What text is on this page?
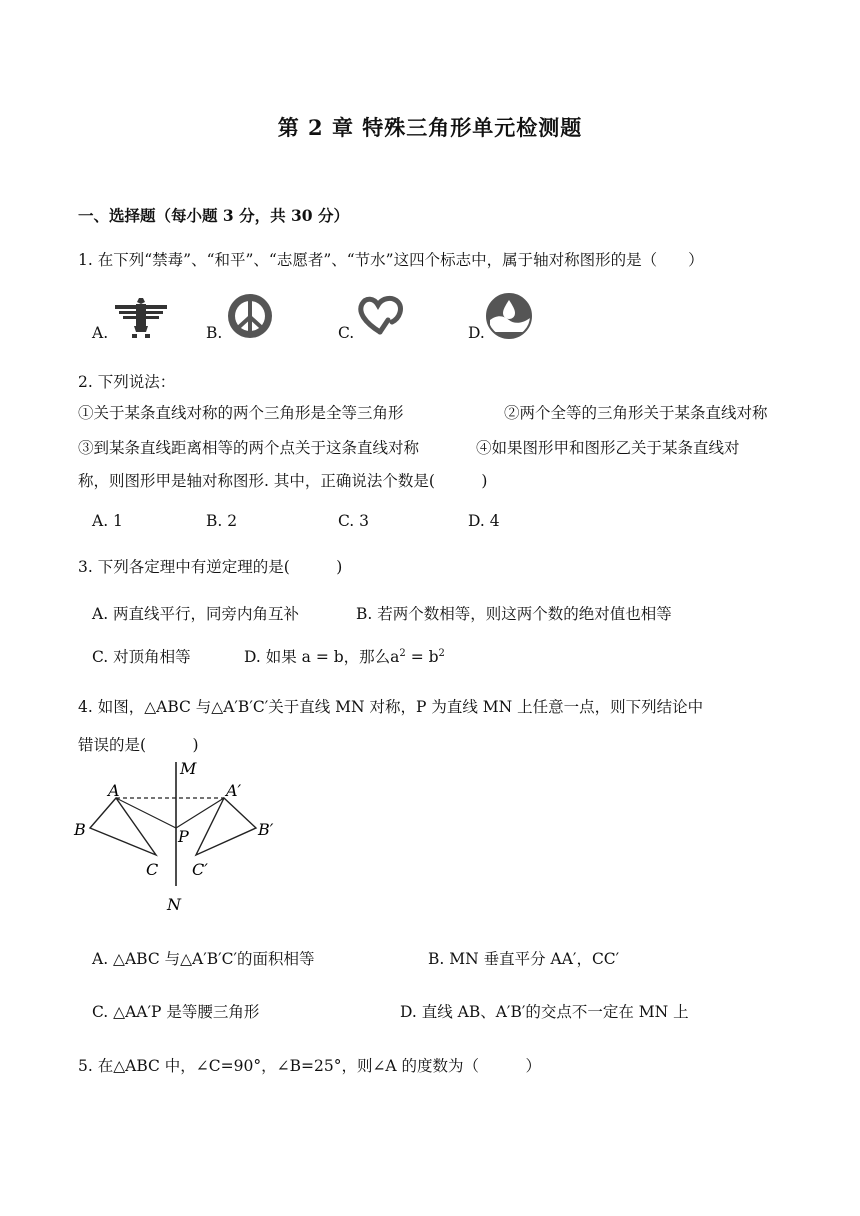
第 2 章 特殊三角形单元检测题
一、选择题（每小题 3 分，共 30 分）
1. 在下列“禁毒”、“和平”、“志愿者”、“节水”这四个标志中，属于轴对称图形的是（　　）
A.	B.	C.	D.
2. 下列说法：
①关于某条直线对称的两个三角形是全等三角形	②两个全等的三角形关于某条直线对称
③到某条直线距离相等的两个点关于这条直线对称	④如果图形甲和图形乙关于某条直线对
称，则图形甲是轴对称图形. 其中，正确说法个数是(　　　)
A. 1	B. 2	C. 3	D. 4
3. 下列各定理中有逆定理的是(　　　)
A. 两直线平行，同旁内角互补	B. 若两个数相等，则这两个数的绝对值也相等
C. 对顶角相等	D. 如果 a = b，那么$a^2 = b^2$
4. 如图，△ABC 与△A′B′C′关于直线 MN 对称，P 为直线 MN 上任意一点，则下列结论中
错误的是(　　　)
M
N
A	A′
B	B′
C C′
P
A. △ABC 与△A′B′C′的面积相等	B. MN 垂直平分 AA′，CC′
C. △AA′P 是等腰三角形	D. 直线 AB、A′B′的交点不一定在 MN 上
5. 在△ABC 中，∠C=90°，∠B=25°，则∠A 的度数为（　　　）
